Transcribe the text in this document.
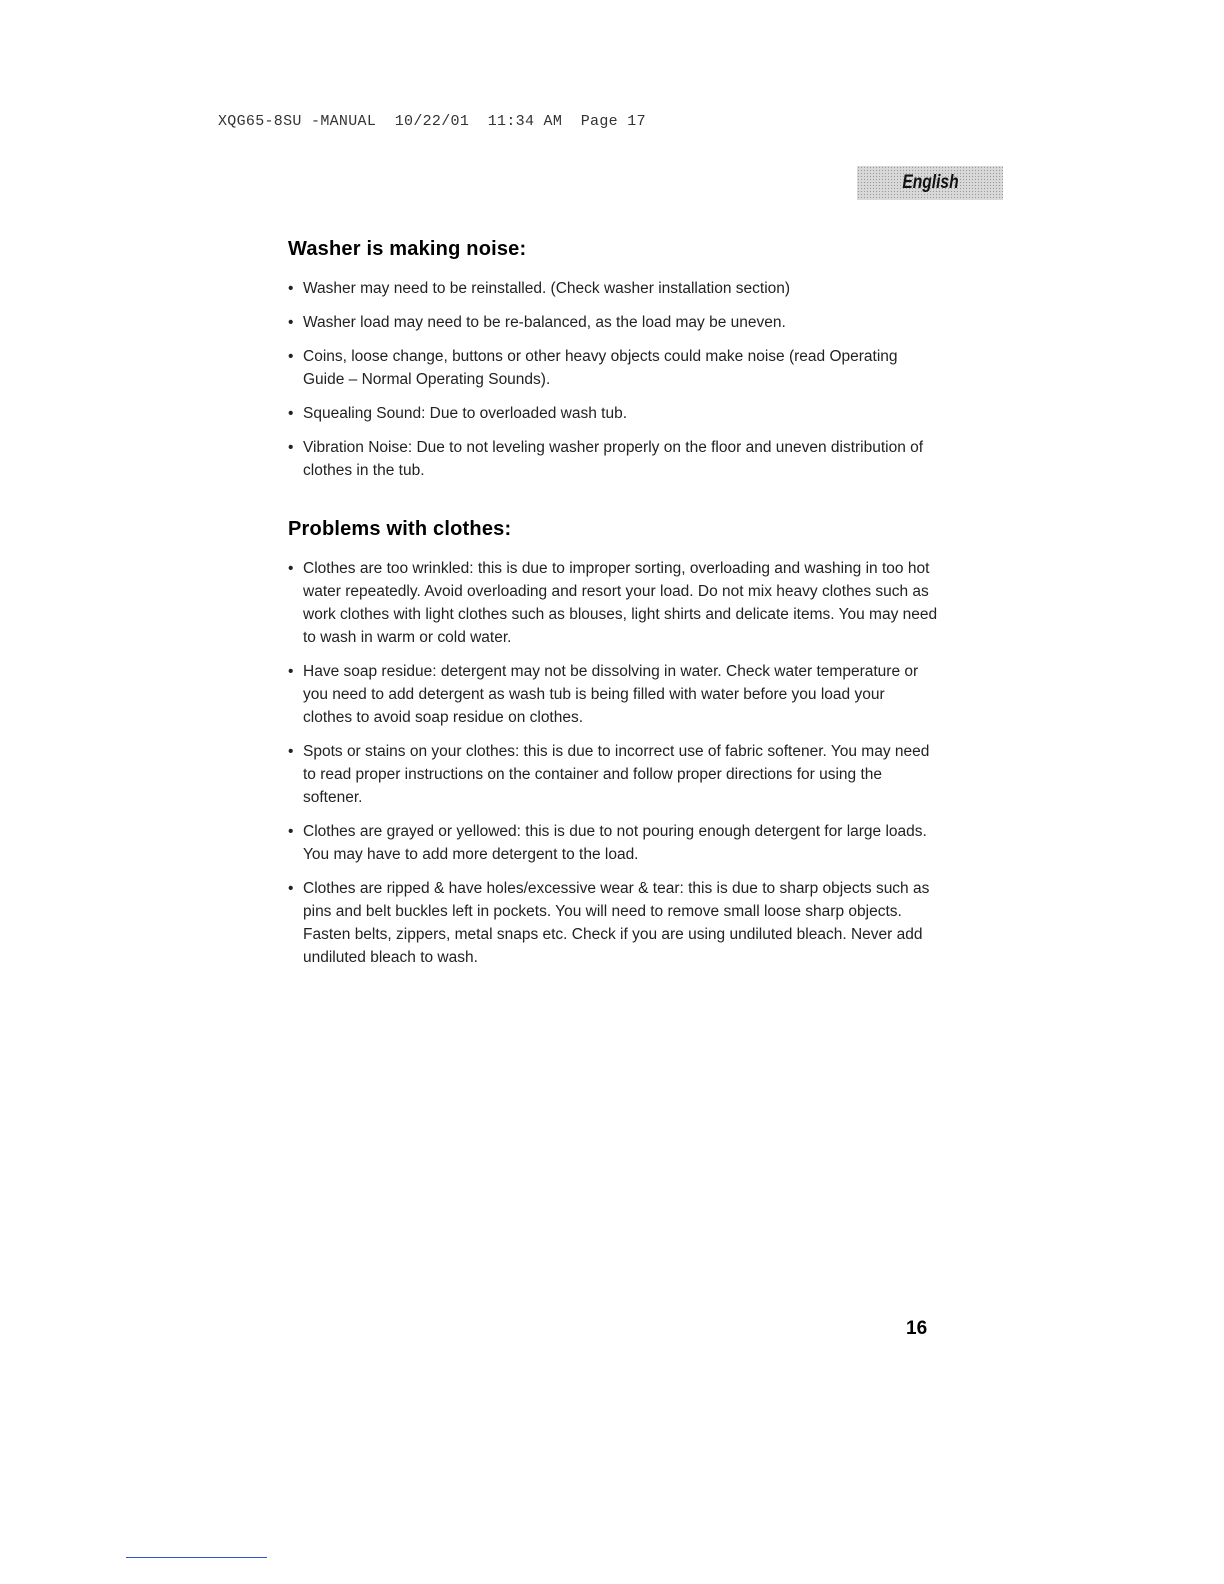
XQG65-8SU -MANUAL  10/22/01  11:34 AM  Page 17
English
Washer is making noise:
• Washer may need to be reinstalled. (Check washer installation section)
• Washer load may need to be re-balanced, as the load may be uneven.
• Coins, loose change, buttons or other heavy objects could make noise (read Operating Guide – Normal Operating Sounds).
• Squealing Sound: Due to overloaded wash tub.
• Vibration Noise: Due to not leveling washer properly on the floor and uneven distribution of clothes in the tub.
Problems with clothes:
• Clothes are too wrinkled: this is due to improper sorting, overloading and washing in too hot water repeatedly. Avoid overloading and resort your load. Do not mix heavy clothes such as work clothes with light clothes such as blouses, light shirts and delicate items. You may need to wash in warm or cold water.
• Have soap residue: detergent may not be dissolving in water. Check water temperature or you need to add detergent as wash tub is being filled with water before you load your clothes to avoid soap residue on clothes.
• Spots or stains on your clothes: this is due to incorrect use of fabric softener. You may need to read proper instructions on the container and follow proper directions for using the softener.
• Clothes are grayed or yellowed: this is due to not pouring enough detergent for large loads. You may have to add more detergent to the load.
• Clothes are ripped & have holes/excessive wear & tear: this is due to sharp objects such as pins and belt buckles left in pockets. You will need to remove small loose sharp objects. Fasten belts, zippers, metal snaps etc. Check if you are using undiluted bleach. Never add undiluted bleach to wash.
16
